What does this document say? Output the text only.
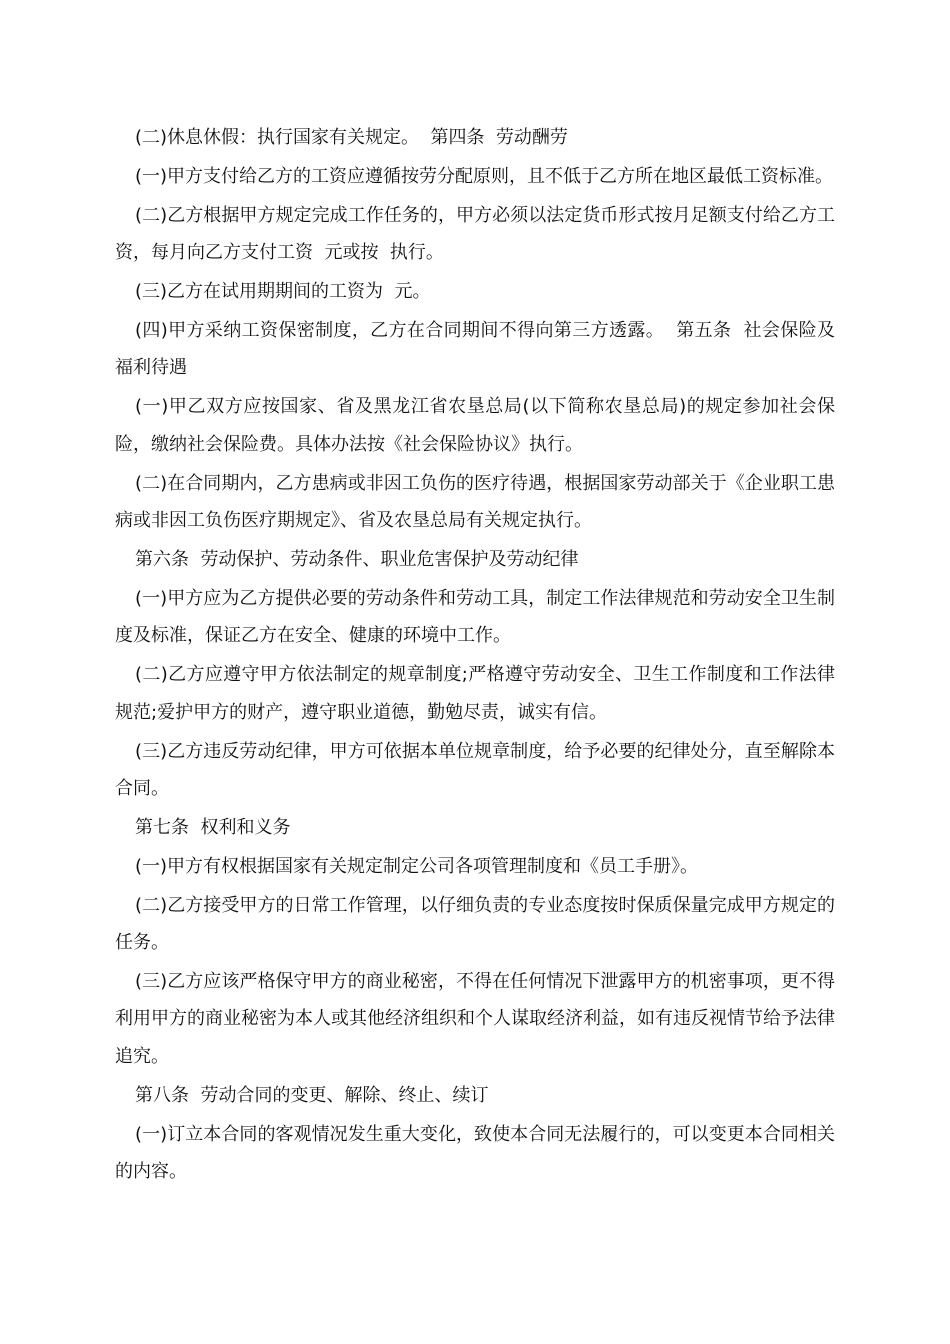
(二)休息休假：执行国家有关规定。  第四条  劳动酬劳

(一)甲方支付给乙方的工资应遵循按劳分配原则，且不低于乙方所在地区最低工资标准。

(二)乙方根据甲方规定完成工作任务的，甲方必须以法定货币形式按月足额支付给乙方工资，每月向乙方支付工资  元或按  执行。

(三)乙方在试用期期间的工资为  元。

(四)甲方采纳工资保密制度，乙方在合同期间不得向第三方透露。  第五条  社会保险及福利待遇

(一)甲乙双方应按国家、省及黑龙江省农垦总局(以下简称农垦总局)的规定参加社会保险，缴纳社会保险费。具体办法按《社会保险协议》执行。

(二)在合同期内，乙方患病或非因工负伤的医疗待遇，根据国家劳动部关于《企业职工患病或非因工负伤医疗期规定》、省及农垦总局有关规定执行。

第六条  劳动保护、劳动条件、职业危害保护及劳动纪律

(一)甲方应为乙方提供必要的劳动条件和劳动工具，制定工作法律规范和劳动安全卫生制度及标准，保证乙方在安全、健康的环境中工作。

(二)乙方应遵守甲方依法制定的规章制度;严格遵守劳动安全、卫生工作制度和工作法律规范;爱护甲方的财产，遵守职业道德，勤勉尽责，诚实有信。

(三)乙方违反劳动纪律，甲方可依据本单位规章制度，给予必要的纪律处分，直至解除本合同。

第七条  权利和义务

(一)甲方有权根据国家有关规定制定公司各项管理制度和《员工手册》。

(二)乙方接受甲方的日常工作管理，以仔细负责的专业态度按时保质保量完成甲方规定的任务。

(三)乙方应该严格保守甲方的商业秘密，不得在任何情况下泄露甲方的机密事项，更不得利用甲方的商业秘密为本人或其他经济组织和个人谋取经济利益，如有违反视情节给予法律追究。

第八条  劳动合同的变更、解除、终止、续订

(一)订立本合同的客观情况发生重大变化，致使本合同无法履行的，可以变更本合同相关的内容。
